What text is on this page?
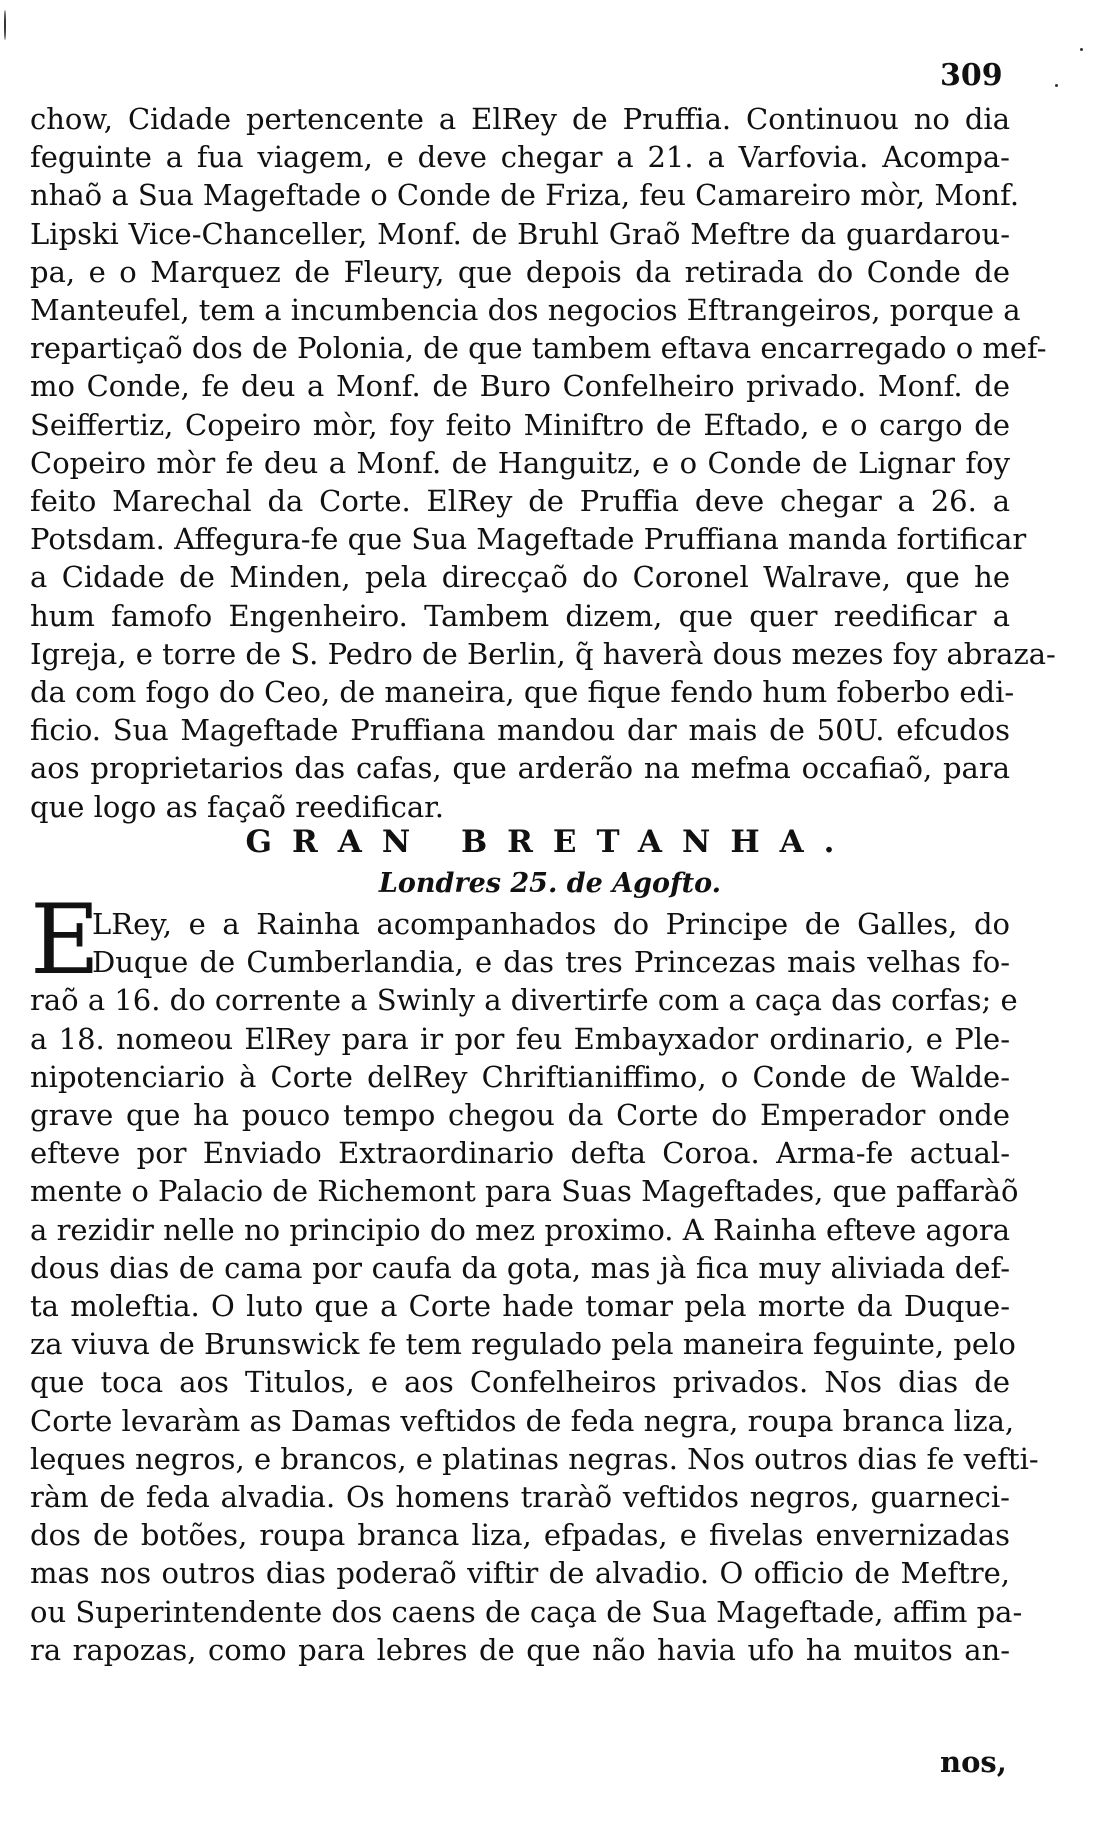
309
chow, Cidade pertencente a ElRey de Pruffia. Continuou no dia
feguinte a fua viagem, e deve chegar a 21. a Varfovia. Acompa-
nhaõ a Sua Mageftade o Conde de Friza, feu Camareiro mòr, Monf.
Lipski Vice-Chanceller, Monf. de Bruhl Graõ Meftre da guardarou-
pa, e o Marquez de Fleury, que depois da retirada do Conde de
Manteufel, tem a incumbencia dos negocios Eftrangeiros, porque a
repartiçaõ dos de Polonia, de que tambem eftava encarregado o mef-
mo Conde, fe deu a Monf. de Buro Confelheiro privado. Monf. de
Seiffertiz, Copeiro mòr, foy feito Miniftro de Eftado, e o cargo de
Copeiro mòr fe deu a Monf. de Hanguitz, e o Conde de Lignar foy
feito Marechal da Corte. ElRey de Pruffia deve chegar a 26. a
Potsdam. Affegura-fe que Sua Mageftade Pruffiana manda fortificar
a Cidade de Minden, pela direcçaõ do Coronel Walrave, que he
hum famofo Engenheiro. Tambem dizem, que quer reedificar a
Igreja, e torre de S. Pedro de Berlin, q̃ haverà dous mezes foy abraza-
da com fogo do Ceo, de maneira, que fique fendo hum foberbo edi-
ficio. Sua Mageftade Pruffiana mandou dar mais de 50U. efcudos
aos proprietarios das cafas, que arderão na mefma occafiaõ, para
que logo as façaõ reedificar.
GRAN BRETANHA.
Londres 25. de Agofto.
E
LRey, e a Rainha acompanhados do Principe de Galles, do
Duque de Cumberlandia, e das tres Princezas mais velhas fo-
raõ a 16. do corrente a Swinly a divertirfe com a caça das corfas; e
a 18. nomeou ElRey para ir por feu Embayxador ordinario, e Ple-
nipotenciario à Corte delRey Chriftianiffimo, o Conde de Walde-
grave que ha pouco tempo chegou da Corte do Emperador onde
efteve por Enviado Extraordinario defta Coroa. Arma-fe actual-
mente o Palacio de Richemont para Suas Mageftades, que paffaràõ
a rezidir nelle no principio do mez proximo. A Rainha efteve agora
dous dias de cama por caufa da gota, mas jà fica muy aliviada def-
ta moleftia. O luto que a Corte hade tomar pela morte da Duque-
za viuva de Brunswick fe tem regulado pela maneira feguinte, pelo
que toca aos Titulos, e aos Confelheiros privados. Nos dias de
Corte levaràm as Damas veftidos de feda negra, roupa branca liza,
leques negros, e brancos, e platinas negras. Nos outros dias fe vefti-
ràm de feda alvadia. Os homens traràõ veftidos negros, guarneci-
dos de botões, roupa branca liza, efpadas, e fivelas envernizadas
mas nos outros dias poderaõ viftir de alvadio. O officio de Meftre,
ou Superintendente dos caens de caça de Sua Mageftade, affim pa-
ra rapozas, como para lebres de que não havia ufo ha muitos an-
nos,
